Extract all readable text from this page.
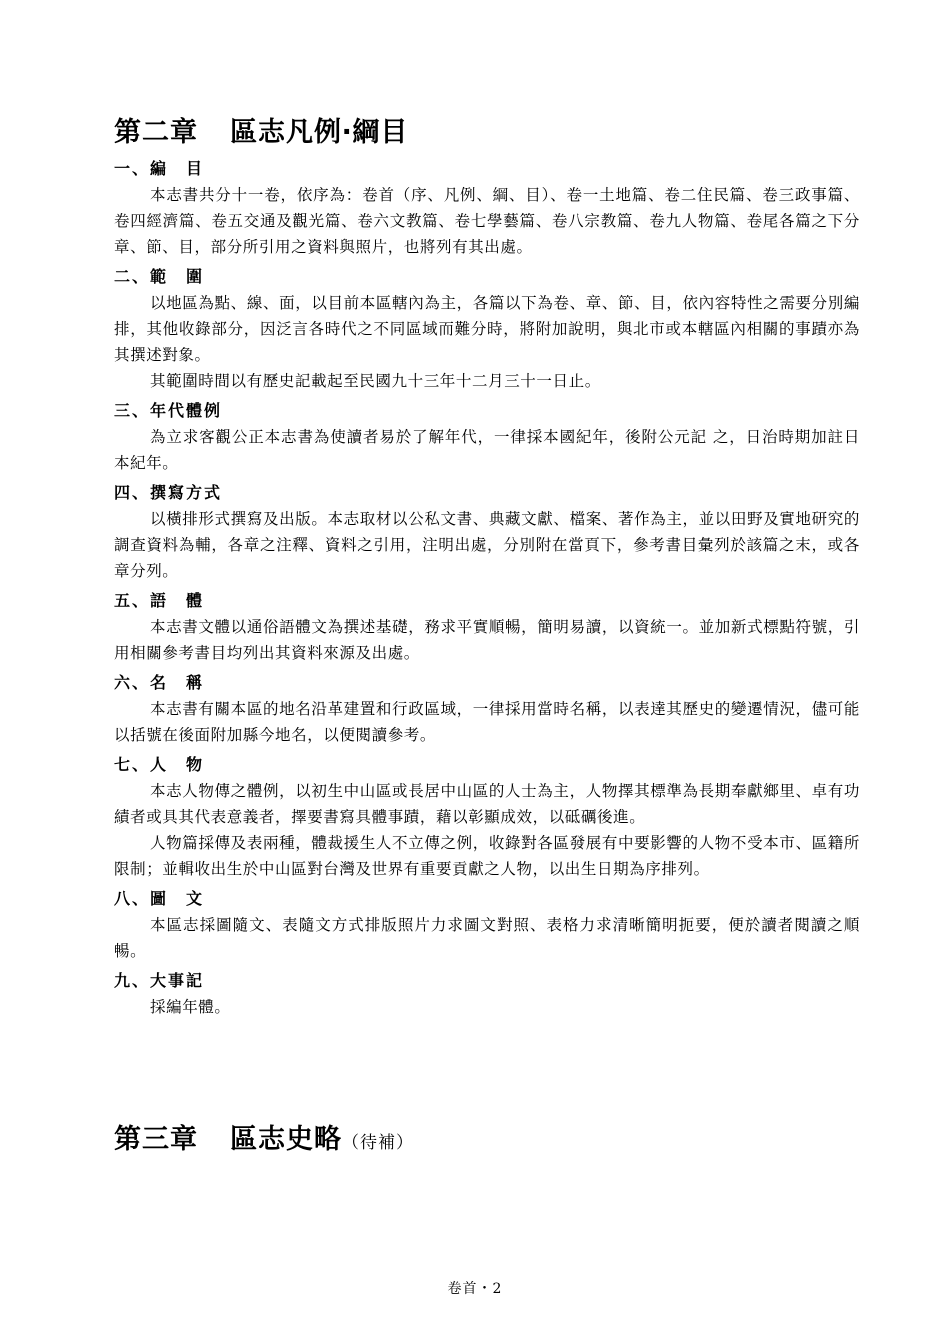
第二章 區志凡例‧綱目
一、編　目
本志書共分十一卷，依序為：卷首（序、凡例、綱、目）、卷一土地篇、卷二住民篇、卷三政事篇、卷四經濟篇、卷五交通及觀光篇、卷六文教篇、卷七學藝篇、卷八宗教篇、卷九人物篇、卷尾各篇之下分章、節、目，部分所引用之資料與照片，也將列有其出處。
二、範　圍
以地區為點、線、面，以目前本區轄內為主，各篇以下為卷、章、節、目，依內容特性之需要分別編排，其他收錄部分，因泛言各時代之不同區域而難分時，將附加說明，與北市或本轄區內相關的事蹟亦為其撰述對象。
其範圍時間以有歷史記載起至民國九十三年十二月三十一日止。
三、年代體例
為立求客觀公正本志書為使讀者易於了解年代，一律採本國紀年，後附公元記 之，日治時期加註日本紀年。
四、撰寫方式
以橫排形式撰寫及出版。本志取材以公私文書、典藏文獻、檔案、著作為主，並以田野及實地研究的調查資料為輔，各章之注釋、資料之引用，注明出處，分別附在當頁下，參考書目彙列於該篇之末，或各章分列。
五、語　體
本志書文體以通俗語體文為撰述基礎，務求平實順暢，簡明易讀，以資統一。並加新式標點符號，引用相關參考書目均列出其資料來源及出處。
六、名　稱
本志書有關本區的地名沿革建置和行政區域，一律採用當時名稱，以表達其歷史的變遷情況，儘可能以括號在後面附加縣今地名，以便閱讀參考。
七、人　物
本志人物傳之體例，以初生中山區或長居中山區的人士為主，人物擇其標準為長期奉獻鄉里、卓有功績者或具其代表意義者，擇要書寫具體事蹟，藉以彰顯成效，以砥礪後進。
人物篇採傳及表兩種，體裁援生人不立傳之例，收錄對各區發展有中要影響的人物不受本市、區籍所限制；並輯收出生於中山區對台灣及世界有重要貢獻之人物，以出生日期為序排列。
八、圖　文
本區志採圖隨文、表隨文方式排版照片力求圖文對照、表格力求清晰簡明扼要，便於讀者閱讀之順暢。
九、大事記
採編年體。
第三章 區志史略（待補）
卷首・2
